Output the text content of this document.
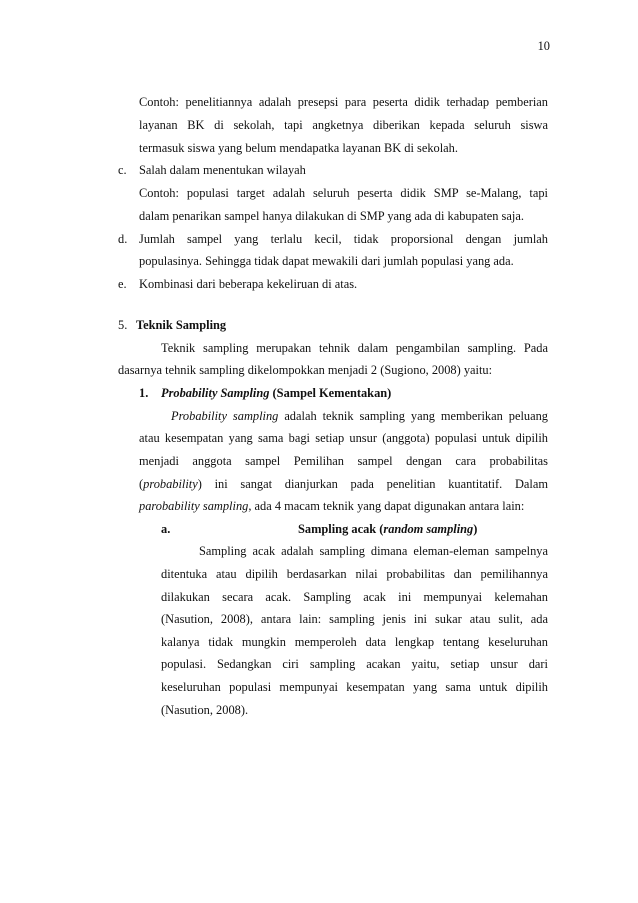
10
Contoh: penelitiannya adalah presepsi para peserta didik terhadap pemberian
layanan BK di sekolah, tapi angketnya diberikan kepada seluruh siswa
termasuk siswa yang belum mendapatka layanan BK di sekolah.
c. Salah dalam menentukan wilayah
Contoh: populasi target adalah seluruh peserta didik SMP se-Malang, tapi
dalam penarikan sampel hanya dilakukan di SMP yang ada di kabupaten saja.
d. Jumlah sampel yang terlalu kecil, tidak proporsional dengan jumlah
populasinya. Sehingga tidak dapat mewakili dari jumlah populasi yang ada.
e. Kombinasi dari beberapa kekeliruan di atas.
5. Teknik Sampling
Teknik sampling merupakan tehnik dalam pengambilan sampling. Pada
dasarnya tehnik sampling dikelompokkan menjadi 2 (Sugiono, 2008) yaitu:
1. Probability Sampling (Sampel Kementakan)
Probability sampling adalah teknik sampling yang memberikan peluang
atau kesempatan yang sama bagi setiap unsur (anggota) populasi untuk dipilih
menjadi anggota sampel Pemilihan sampel dengan cara probabilitas
(probability) ini sangat dianjurkan pada penelitian kuantitatif. Dalam
parobability sampling, ada 4 macam teknik yang dapat digunakan antara lain:
a.	Sampling acak (random sampling)
Sampling acak adalah sampling dimana eleman-eleman sampelnya
ditentuka atau dipilih berdasarkan nilai probabilitas dan pemilihannya
dilakukan secara acak. Sampling acak ini mempunyai kelemahan
(Nasution, 2008), antara lain: sampling jenis ini sukar atau sulit, ada
kalanya tidak mungkin memperoleh data lengkap tentang keseluruhan
populasi. Sedangkan ciri sampling acakan yaitu, setiap unsur dari
keseluruhan populasi mempunyai kesempatan yang sama untuk dipilih
(Nasution, 2008).
